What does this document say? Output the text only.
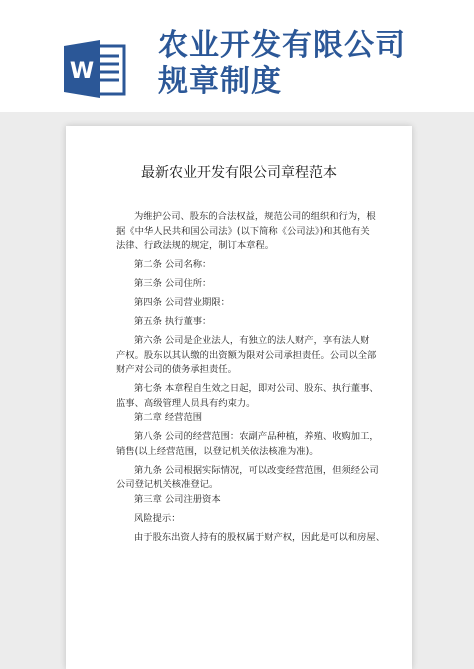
W
农业开发有限公司
规章制度
最新农业开发有限公司章程范本
为维护公司、股东的合法权益，规范公司的组织和行为，根
据《中华人民共和国公司法》(以下简称《公司法》)和其他有关
法律、行政法规的规定，制订本章程。
第二条 公司名称：
第三条 公司住所：
第四条 公司营业期限：
第五条 执行董事：
第六条 公司是企业法人，有独立的法人财产，享有法人财
产权。股东以其认缴的出资额为限对公司承担责任。公司以全部
财产对公司的债务承担责任。
第七条 本章程自生效之日起，即对公司、股东、执行董事、
监事、高级管理人员具有约束力。
第二章 经营范围
第八条 公司的经营范围：农副产品种植，养殖、收购加工，
销售(以上经营范围，以登记机关依法核准为准)。
第九条 公司根据实际情况，可以改变经营范围，但须经公司
公司登记机关核准登记。
第三章 公司注册资本
风险提示：
由于股东出资人持有的股权属于财产权，因此是可以和房屋、
